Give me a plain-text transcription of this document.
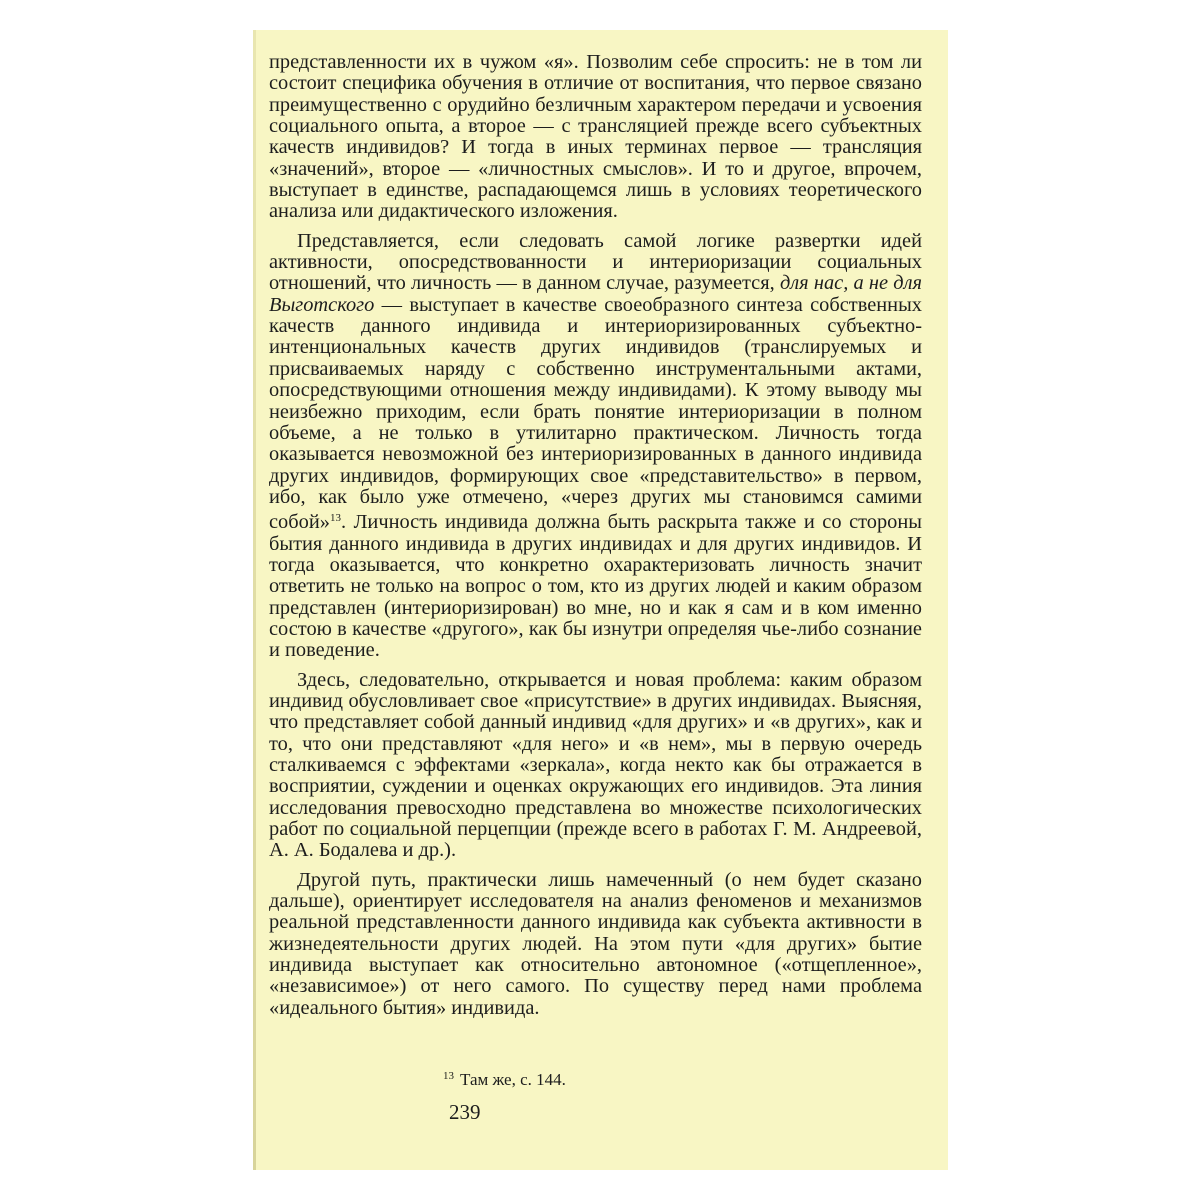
представленности их в чужом «я». Позволим себе спросить: не в том ли состоит специфика обучения в отличие от воспитания, что первое связано преимущественно с орудийно безличным характером передачи и усвоения социального опыта, а второе — с трансляцией прежде всего субъектных качеств индивидов? И тогда в иных терминах первое — трансляция «значений», второе — «личностных смыслов». И то и другое, впрочем, выступает в единстве, распадающемся лишь в условиях теоретического анализа или дидактического изложения.

Представляется, если следовать самой логике развертки идей активности, опосредствованности и интериоризации социальных отношений, что личность — в данном случае, разумеется, для нас, а не для Выготского — выступает в качестве своеобразного синтеза собственных качеств данного индивида и интериоризированных субъектно-интенциональных качеств других индивидов (транслируемых и присваиваемых наряду с собственно инструментальными актами, опосредствующими отношения между индивидами). К этому выводу мы неизбежно приходим, если брать понятие интериоризации в полном объеме, а не только в утилитарно практическом. Личность тогда оказывается невозможной без интериоризированных в данного индивида других индивидов, формирующих свое «представительство» в первом, ибо, как было уже отмечено, «через других мы становимся самими собой»$^{13}$. Личность индивида должна быть раскрыта также и со стороны бытия данного индивида в других индивидах и для других индивидов. И тогда оказывается, что конкретно охарактеризовать личность значит ответить не только на вопрос о том, кто из других людей и каким образом представлен (интериоризирован) во мне, но и как я сам и в ком именно состою в качестве «другого», как бы изнутри определяя чье-либо сознание и поведение.

Здесь, следовательно, открывается и новая проблема: каким образом индивид обусловливает свое «присутствие» в других индивидах. Выясняя, что представляет собой данный индивид «для других» и «в других», как и то, что они представляют «для него» и «в нем», мы в первую очередь сталкиваемся с эффектами «зеркала», когда некто как бы отражается в восприятии, суждении и оценках окружающих его индивидов. Эта линия исследования превосходно представлена во множестве психологических работ по социальной перцепции (прежде всего в работах Г. М. Андреевой, А. А. Бодалева и др.).

Другой путь, практически лишь намеченный (о нем будет сказано дальше), ориентирует исследователя на анализ феноменов и механизмов реальной представленности данного индивида как субъекта активности в жизнедеятельности других людей. На этом пути «для других» бытие индивида выступает как относительно автономное («отщепленное», «независимое») от него самого. По существу перед нами проблема «идеального бытия» индивида.

$^{13}$ Там же, с. 144.
239
